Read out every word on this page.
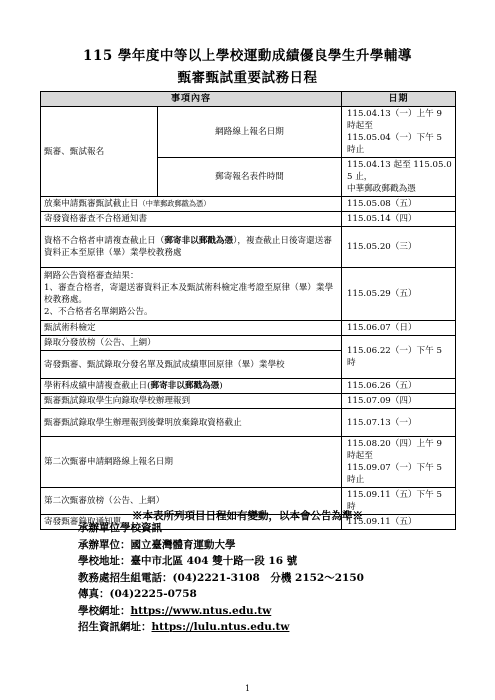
115 學年度中等以上學校運動成績優良學生升學輔導
甄審甄試重要試務日程
事項內容		日期
甄審、甄試報名	網路線上報名日期	115.04.13（一）上午 9 時起至
115.05.04（一）下午 5 時止

	郵寄報名表件時間	115.04.13 起至 115.05.05 止，
中華郵政郵戳為憑

放棄申請甄審甄試截止日（中華郵政郵戳為憑）		115.05.08（五）
寄發資格審查不合格通知書		115.05.14（四）
資格不合格者申請複查截止日（郵寄非以郵戳為憑），複查截止日後寄還送審資料正本至原律（畢）業學校教務處		115.05.20（三）

網路公告資格審查結果：
1、審查合格者，寄還送審資料正本及甄試術科檢定准考證至原律（畢）業學校教務處。
2、不合格者名單網路公告。		115.05.29（五）
甄試術科檢定		115.06.07（日）
錄取分發放榜（公告、上網）		115.06.22（一）下午 5 時
寄發甄審、甄試錄取分發名單及甄試成績單回原律（畢）業學校		
學術科成績申請複查截止日(郵寄非以郵戳為憑)		115.06.26（五）
甄審甄試錄取學生向錄取學校辦理報到		115.07.09（四）
甄審甄試錄取學生辦理報到後聲明放棄錄取資格截止		115.07.13（一）
第二次甄審申請網路線上報名日期		115.08.20（四）上午 9 時起至
115.09.07（一）下午 5 時止

第二次甄審放榜（公告、上網）		115.09.11（五）下午 5 時
寄發甄審錄取通知單		115.09.11（五）
※本表所列項目日程如有變動，以本會公告為準※
承辦單位學校資訊
承辦單位：國立臺灣體育運動大學
學校地址：臺中市北區 404 雙十路一段 16 號
教務處招生組電話：(04)2221-3108　分機 2152～2150
傳真：(04)2225-0758
學校網址：https://www.ntus.edu.tw
招生資訊網址：https://lulu.ntus.edu.tw
1
